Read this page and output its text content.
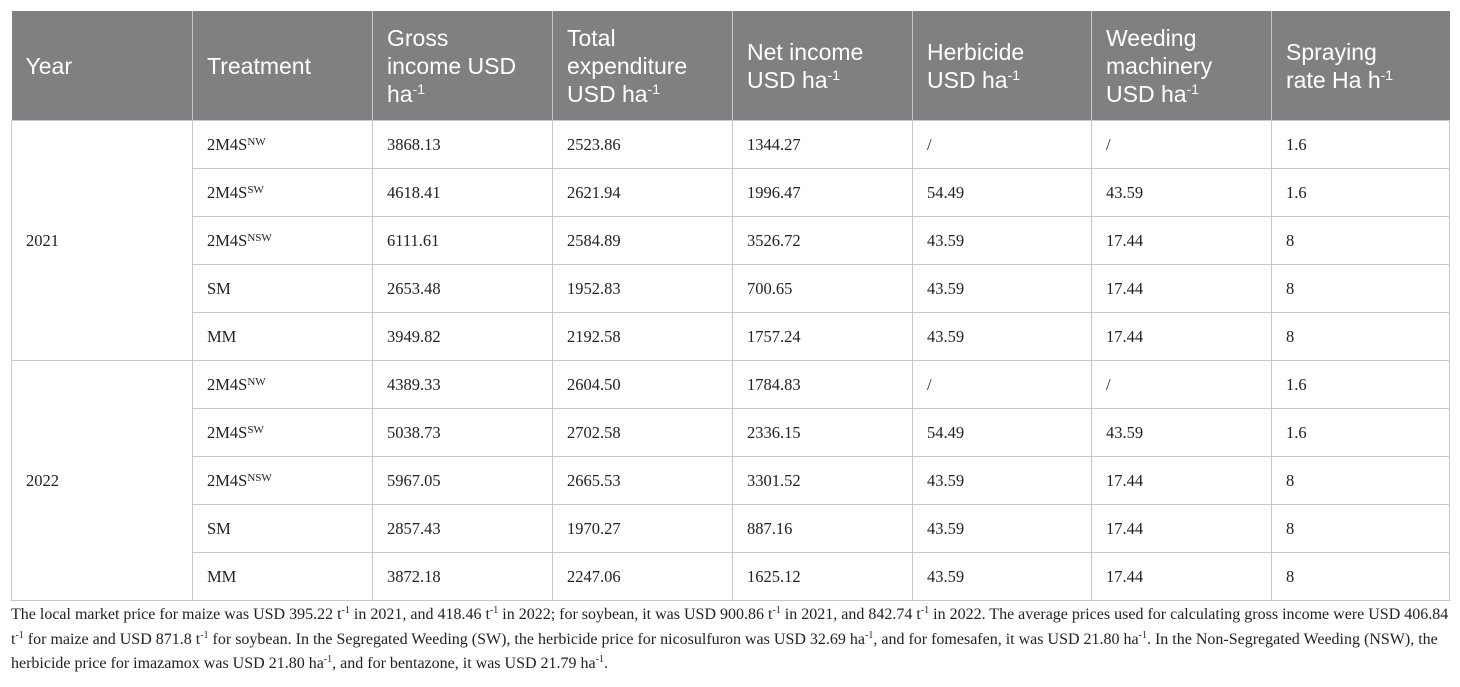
Year	Treatment	Gross
income USD
$ha^{-1}$	Total
expenditure
USD $ha^{-1}$	Net income
USD $ha^{-1}$	Herbicide
USD $ha^{-1}$	Weeding
machinery
USD $ha^{-1}$	Spraying
rate Ha $h^{-1}$

2021	$2M4S^{NW}$	3868.13	2523.86	1344.27	/	/	1.6
	$2M4S^{SW}$	4618.41	2621.94	1996.47	54.49	43.59	1.6
	$2M4S^{NSW}$	6111.61	2584.89	3526.72	43.59	17.44	8
	SM	2653.48	1952.83	700.65	43.59	17.44	8
	MM	3949.82	2192.58	1757.24	43.59	17.44	8
2022	$2M4S^{NW}$	4389.33	2604.50	1784.83	/	/	1.6
	$2M4S^{SW}$	5038.73	2702.58	2336.15	54.49	43.59	1.6
	$2M4S^{NSW}$	5967.05	2665.53	3301.52	43.59	17.44	8
	SM	2857.43	1970.27	887.16	43.59	17.44	8
	MM	3872.18	2247.06	1625.12	43.59	17.44	8
The local market price for maize was USD 395.22 $t^{-1}$ in 2021, and 418.46 $t^{-1}$ in 2022; for soybean, it was USD 900.86 $t^{-1}$ in 2021, and 842.74 $t^{-1}$ in 2022. The average prices used for calculating gross income were USD 406.84 $t^{-1}$ for maize and USD 871.8 $t^{-1}$ for soybean. In the Segregated Weeding (SW), the herbicide price for nicosulfuron was USD 32.69 $ha^{-1}$, and for fomesafen, it was USD 21.80 $ha^{-1}$. In the Non-Segregated Weeding (NSW), the herbicide price for imazamox was USD 21.80 $ha^{-1}$, and for bentazone, it was USD 21.79 $ha^{-1}$.
